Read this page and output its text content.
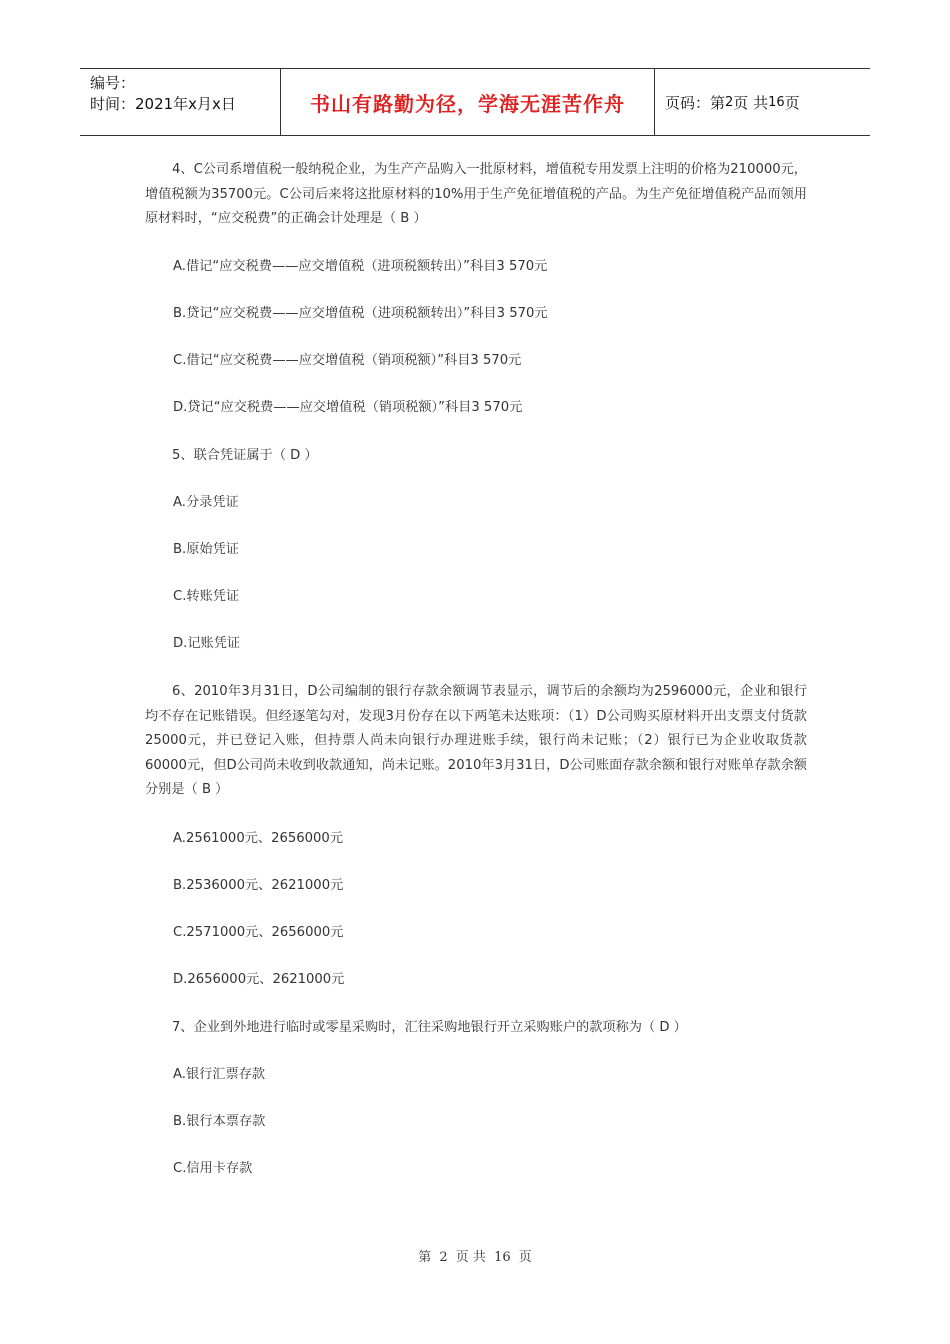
编号：
时间：2021年x月x日	书山有路勤为径，学海无涯苦作舟	页码：第 2 页 共 16 页

4、C公司系增值税一般纳税企业，为生产产品购入一批原材料，增值税专用发票上注明的价格为210000元，增值税额为35700元。C公司后来将这批原材料的10%用于生产免征增值税的产品。为生产免征增值税产品而领用原材料时，“应交税费”的正确会计处理是（ B ）

A.借记“应交税费——应交增值税（进项税额转出）”科目3 570元

B.贷记“应交税费——应交增值税（进项税额转出）”科目3 570元

C.借记“应交税费——应交增值税（销项税额）”科目3 570元

D.贷记“应交税费——应交增值税（销项税额）”科目3 570元

5、联合凭证属于（ D ）

A.分录凭证

B.原始凭证

C.转账凭证

D.记账凭证

6、2010年3月31日，D公司编制的银行存款余额调节表显示，调节后的余额均为2596000元，企业和银行均不存在记账错误。但经逐笔勾对，发现3月份存在以下两笔未达账项：（1）D公司购买原材料开出支票支付货款25000元，并已登记入账，但持票人尚未向银行办理进账手续，银行尚未记账；（2）银行已为企业收取货款60000元，但D公司尚未收到收款通知，尚未记账。2010年3月31日，D公司账面存款余额和银行对账单存款余额分别是（ B ）

A.2561000元、2656000元

B.2536000元、2621000元

C.2571000元、2656000元

D.2656000元、2621000元

7、企业到外地进行临时或零星采购时，汇往采购地银行开立采购账户的款项称为（ D ）

A.银行汇票存款

B.银行本票存款

C.信用卡存款

第 2 页 共 16 页
